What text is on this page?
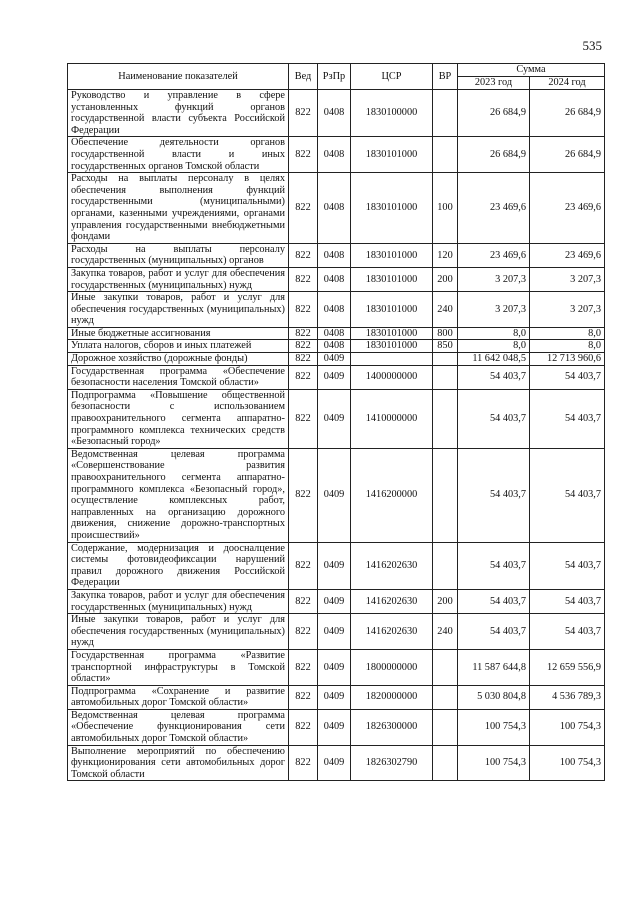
535
Наименование показателей	Вед	РзПр	ЦСР	ВР	Сумма	
					2023 год	2024 год
Руководство и управление в сфере установленных функций органов государственной власти субъекта Российской Федерации	822	0408	1830100000		26 684,9	26 684,9
Обеспечение деятельности органов государственной власти и иных государственных органов Томской области	822	0408	1830101000		26 684,9	26 684,9
Расходы на выплаты персоналу в целях обеспечения выполнения функций государственными (муниципальными) органами, казенными учреждениями, органами управления государственными внебюджетными фондами	822	0408	1830101000	100	23 469,6	23 469,6
Расходы на выплаты персоналу государственных (муниципальных) органов	822	0408	1830101000	120	23 469,6	23 469,6
Закупка товаров, работ и услуг для обеспечения государственных (муниципальных) нужд	822	0408	1830101000	200	3 207,3	3 207,3
Иные закупки товаров, работ и услуг для обеспечения государственных (муниципальных) нужд	822	0408	1830101000	240	3 207,3	3 207,3
Иные бюджетные ассигнования	822	0408	1830101000	800	8,0	8,0
Уплата налогов, сборов и иных платежей	822	0408	1830101000	850	8,0	8,0
Дорожное хозяйство (дорожные фонды)	822	0409			11 642 048,5	12 713 960,6
Государственная программа «Обеспечение безопасности населения Томской области»	822	0409	1400000000		54 403,7	54 403,7
Подпрограмма «Повышение общественной безопасности с использованием правоохранительного сегмента аппаратно-программного комплекса технических средств «Безопасный город»	822	0409	1410000000		54 403,7	54 403,7
Ведомственная целевая программа «Совершенствование развития правоохранительного сегмента аппаратно-программного комплекса «Безопасный город», осуществление комплексных работ, направленных на организацию дорожного движения, снижение дорожно-транспортных происшествий»	822	0409	1416200000		54 403,7	54 403,7
Содержание, модернизация и доосналцение системы фотовидеофиксации нарушений правил дорожного движения Российской Федерации	822	0409	1416202630		54 403,7	54 403,7
Закупка товаров, работ и услуг для обеспечения государственных (муниципальных) нужд	822	0409	1416202630	200	54 403,7	54 403,7
Иные закупки товаров, работ и услуг для обеспечения государственных (муниципальных) нужд	822	0409	1416202630	240	54 403,7	54 403,7
Государственная программа «Развитие транспортной инфраструктуры в Томской области»	822	0409	1800000000		11 587 644,8	12 659 556,9
Подпрограмма «Сохранение и развитие автомобильных дорог Томской области»	822	0409	1820000000		5 030 804,8	4 536 789,3
Ведомственная целевая программа «Обеспечение функционирования сети автомобильных дорог Томской области»	822	0409	1826300000		100 754,3	100 754,3
Выполнение мероприятий по обеспечению функционирования сети автомобильных дорог Томской области	822	0409	1826302790		100 754,3	100 754,3
